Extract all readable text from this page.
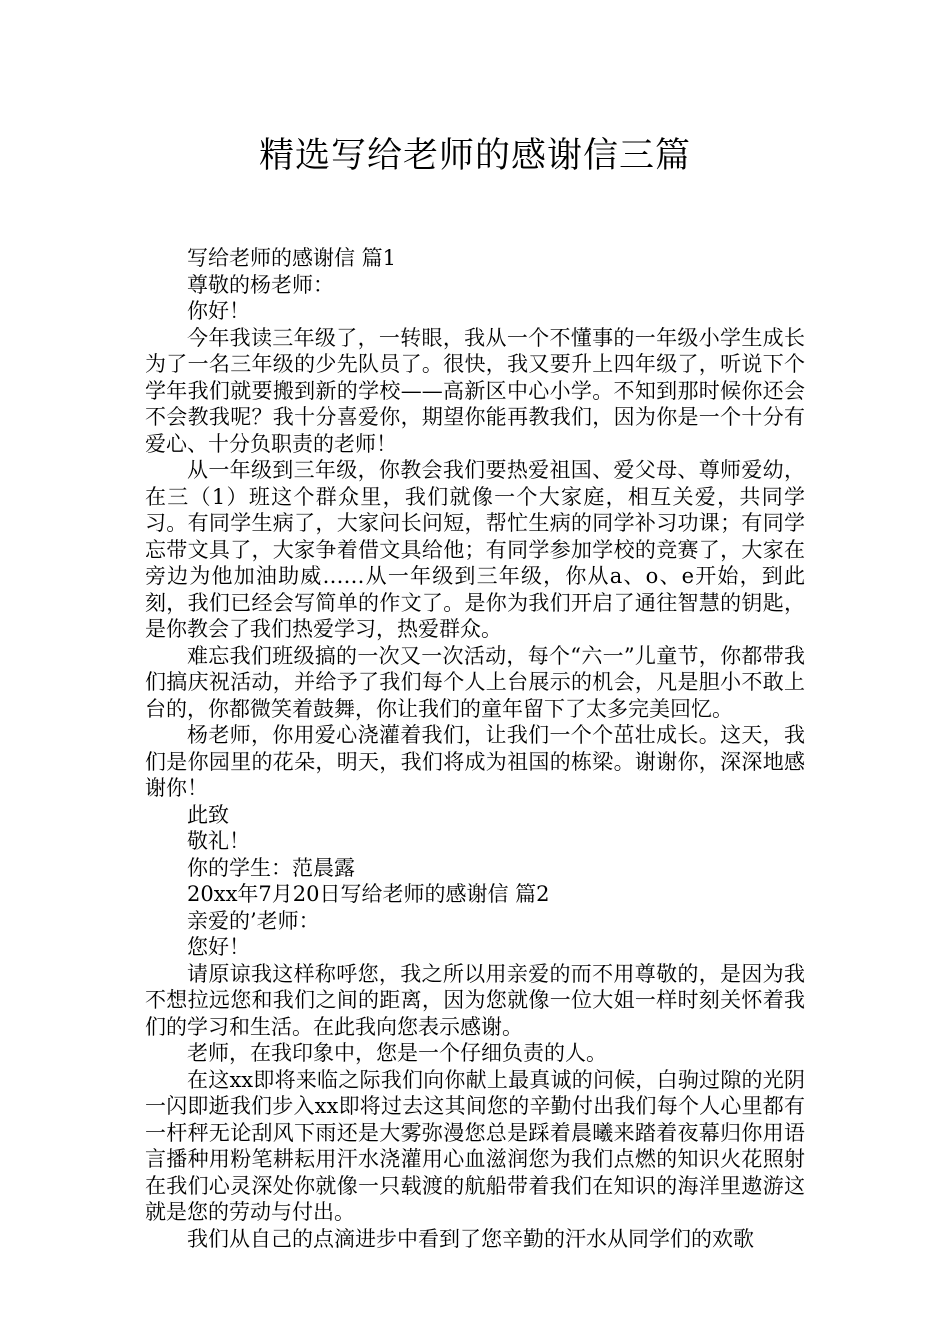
精选写给老师的感谢信三篇
写给老师的感谢信 篇1
尊敬的杨老师：
你好！

今年我读三年级了，一转眼，我从一个不懂事的一年级小学生成长为了一名三年级的少先队员了。很快，我又要升上四年级了，听说下个学年我们就要搬到新的学校——高新区中心小学。不知到那时候你还会不会教我呢？我十分喜爱你，期望你能再教我们，因为你是一个十分有爱心、十分负职责的老师！

从一年级到三年级，你教会我们要热爱祖国、爱父母、尊师爱幼，在三（1）班这个群众里，我们就像一个大家庭，相互关爱，共同学习。有同学生病了，大家问长问短，帮忙生病的同学补习功课；有同学忘带文具了，大家争着借文具给他；有同学参加学校的竞赛了，大家在旁边为他加油助威……从一年级到三年级，你从a、o、e开始，到此刻，我们已经会写简单的作文了。是你为我们开启了通往智慧的钥匙，是你教会了我们热爱学习，热爱群众。

难忘我们班级搞的一次又一次活动，每个“六一”儿童节，你都带我们搞庆祝活动，并给予了我们每个人上台展示的机会，凡是胆小不敢上台的，你都微笑着鼓舞，你让我们的童年留下了太多完美回忆。

杨老师，你用爱心浇灌着我们，让我们一个个茁壮成长。这天，我们是你园里的花朵，明天，我们将成为祖国的栋梁。谢谢你，深深地感谢你！

此致
敬礼！
你的学生：范晨露
20xx年7月20日写给老师的感谢信 篇2
亲爱的’老师：
您好！

请原谅我这样称呼您，我之所以用亲爱的而不用尊敬的，是因为我不想拉远您和我们之间的距离，因为您就像一位大姐一样时刻关怀着我们的学习和生活。在此我向您表示感谢。

老师，在我印象中，您是一个仔细负责的人。

在这xx即将来临之际我们向你献上最真诚的问候，白驹过隙的光阴一闪即逝我们步入xx即将过去这其间您的辛勤付出我们每个人心里都有一杆秤无论刮风下雨还是大雾弥漫您总是踩着晨曦来踏着夜幕归你用语言播种用粉笔耕耘用汗水浇灌用心血滋润您为我们点燃的知识火花照射在我们心灵深处你就像一只载渡的航船带着我们在知识的海洋里遨游这就是您的劳动与付出。

我们从自己的点滴进步中看到了您辛勤的汗水从同学们的欢歌
